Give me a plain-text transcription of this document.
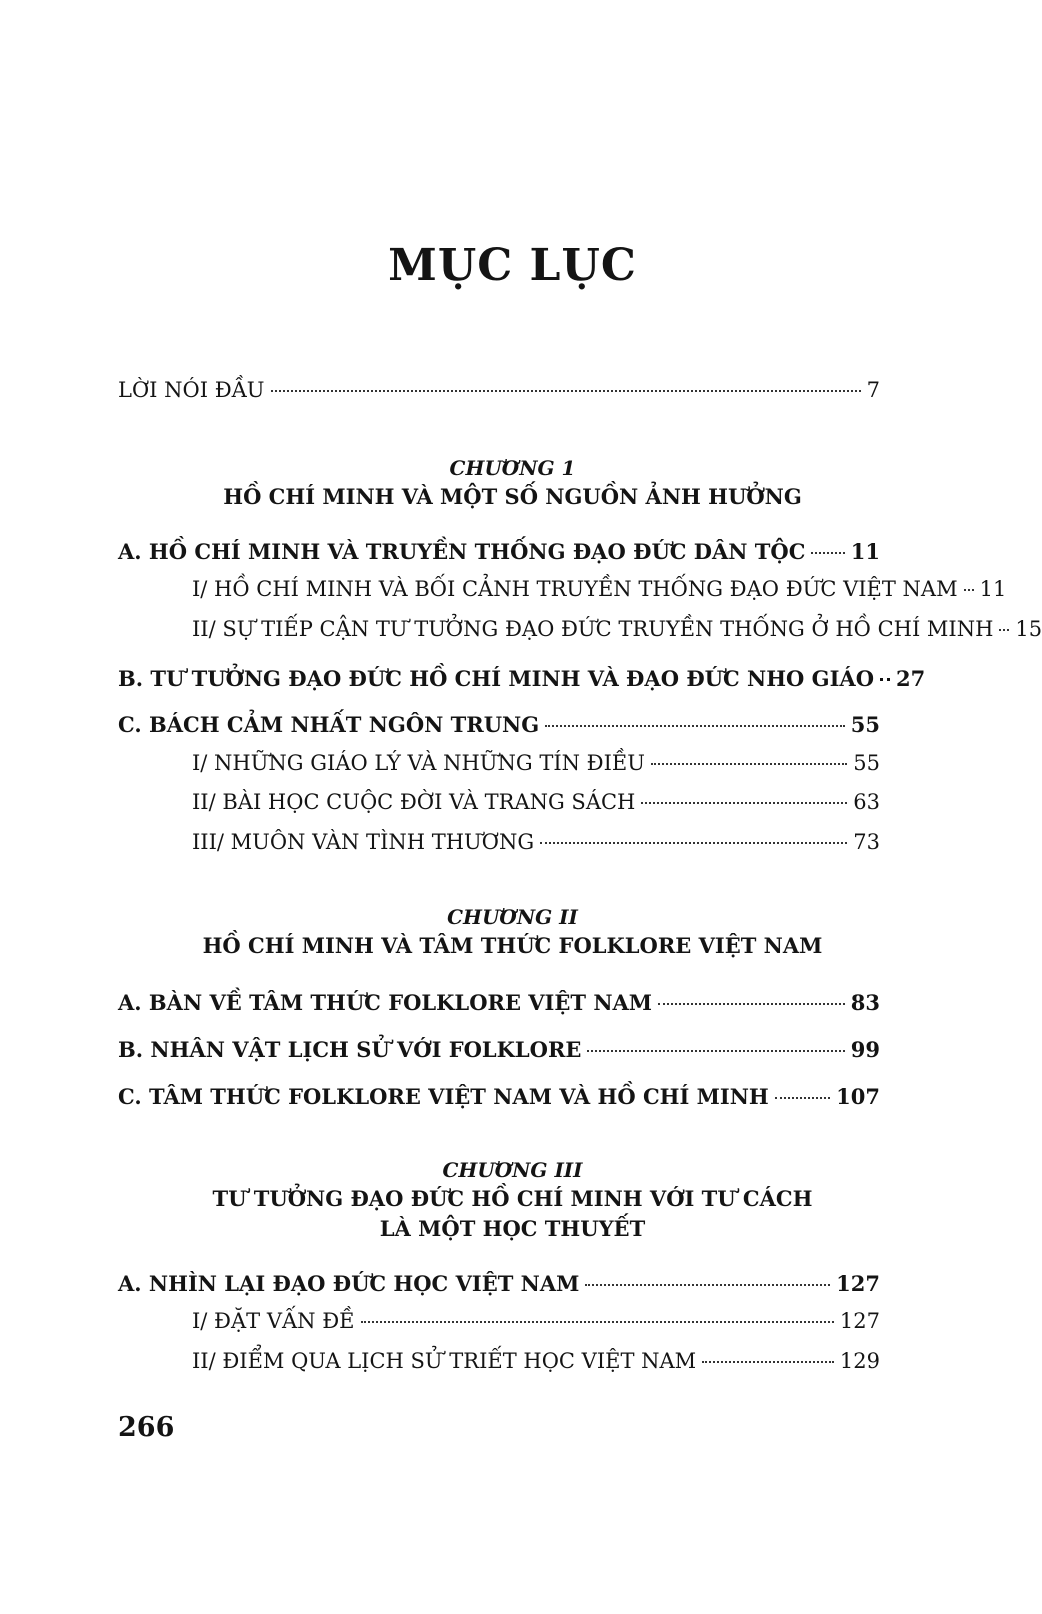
MỤC LỤC
LỜI NÓI ĐẦU	7
CHƯƠNG 1
HỒ CHÍ MINH VÀ MỘT SỐ NGUỒN ẢNH HƯỞNG
A. HỒ CHÍ MINH VÀ TRUYỀN THỐNG ĐẠO ĐỨC DÂN TỘC 11
I/ HỒ CHÍ MINH VÀ BỐI CẢNH TRUYỀN THỐNG ĐẠO ĐỨC VIỆT NAM 11
II/ SỰ TIẾP CẬN TƯ TƯỞNG ĐẠO ĐỨC TRUYỀN THỐNG Ở HỒ CHÍ MINH 15
B. TƯ TƯỞNG ĐẠO ĐỨC HỒ CHÍ MINH VÀ ĐẠO ĐỨC NHO GIÁO 27
C. BÁCH CẢM NHẤT NGÔN TRUNG	55
I/ NHỮNG GIÁO LÝ VÀ NHỮNG TÍN ĐIỀU	55
II/ BÀI HỌC CUỘC ĐỜI VÀ TRANG SÁCH	63
III/ MUÔN VÀN TÌNH THƯƠNG	73
CHƯƠNG II
HỒ CHÍ MINH VÀ TÂM THỨC FOLKLORE VIỆT NAM
A. BÀN VỀ TÂM THỨC FOLKLORE VIỆT NAM	83
B. NHÂN VẬT LỊCH SỬ VỚI FOLKLORE	99
C. TÂM THỨC FOLKLORE VIỆT NAM VÀ HỒ CHÍ MINH	107
CHƯƠNG III
TƯ TƯỞNG ĐẠO ĐỨC HỒ CHÍ MINH VỚI TƯ CÁCH
LÀ MỘT HỌC THUYẾT
A. NHÌN LẠI ĐẠO ĐỨC HỌC VIỆT NAM	127
I/ ĐẶT VẤN ĐỀ	127
II/ ĐIỂM QUA LỊCH SỬ TRIẾT HỌC VIỆT NAM	129
266
